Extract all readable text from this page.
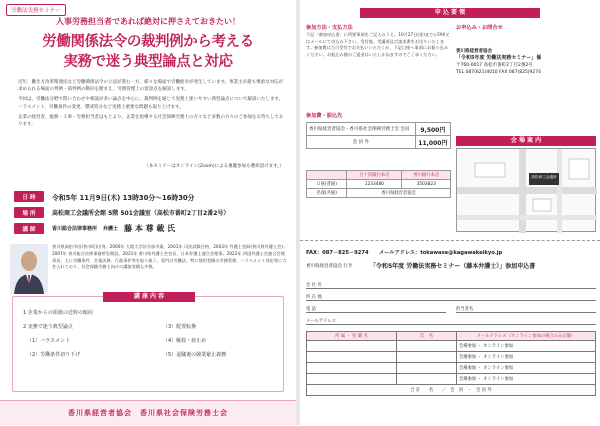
労働法実務セミナー
人事労務担当者であれば絶対に押さえておきたい！
労働関係法令の裁判例から考える
実務で迷う典型論点と対応

近年、働き方改革関連法など労働関係法令の立法が進む一方、様々な場面で労働紛争が発生しています。事業主が最も慎重な対応が求められる場面の判例・裁判例の動向を踏まえ、労務管理上の留意点を解説します。

今回は、労働法分野で問い合わせや相談が多い論点を中心に、裁判例を通じて実務上迷いやすい典型論点について解説いたします。ハラスメント、労働条件の変更、懲戒処分など実務上重要な問題も取り上げます。

企業の経営者、総務・人事・労務担当者はもとより、企業を指導する社会保険労務士の方々など多数の方々のご参加をお待ちしております。

（本セミナーはオンライン(Zoom)による視聴参加も選択頂けます。）
日 時	令和5年 11月9日(木) 13時30分～16時30分
場 所	高松商工会議所会館 5階 501会議室（高松市番町2丁目2番2号）
講 師	香川総合法律事務所 弁護士 藤 本 尊 載 氏
香川県高松市(旧香川町)出身。2000年 大阪大学法学部卒業、2001年 司法試験合格、2003年 弁護士登録(香川県弁護士会)。2007年 香川総合法律事務所を開設。2021年 香川県弁護士会会長、日本弁護士連合会理事。2022年 四国弁護士会連合会理事長。主に労働事件、企業法務、行政事件等を取り扱う。専門は労働法、特に使用者側の労務管理、ハラスメント対応等に力を入れており、社会保険労務士向けの講演実績も多数。
講 座 内 容
1 企業からの相談の近時の傾向
2 実務で迷う典型論点
（1）ハラスメント
（2）労働条件切り下げ
（3）配置転換
（4）解雇・雇止め
（5）退職後の競業避止義務
香川県経営者協会　香川県社会保険労務士会
申 込 要 領
参加方法・支払方法
下記「参加申込書」に所要事項をご記入のうえ、10月27日(金)までにFAX又はメールにて申込み下さい。受付後、受講票及び請求書をお送りいたします。参加費は当日受付でお支払いいただくか、下記口座へ事前にお振り込みください。お振込み後のご返金はいたしかねますのでご了承ください。
お申込み・お問合せ
香川県経営者協会
「令和5年度 労働法実務セミナー」係
〒760-0017 高松市番町2丁目2番2号
TEL 087(821)4010 FAX 087(825)9274
参加費・振込先
香川県経営者協会・香川県社会保険労務士会 会員	9,500円
会 員 外	11,000円
	百十四銀行本店	香川銀行本店
口座(普通)	1233480	3503823
名義(共通)	香川県経営者協会	
会 場 案 内
高松商工会議所
FAX：087－825－9274　　メールアドレス：tokawase@kagawakeikyo.jp
香川県経営者協会 行き	「令和5年度 労働法実務セミナー（藤本弁護士）」参加申込書
会 社 名
所 在 地
電 話	担当者名
メールアドレス
所 属 ・ 役 職 名	氏　名	メールアドレス（オンライン参加の場合のみ記載）
		会場参加 ・ オンライン参加
		会場参加 ・ オンライン参加
		会場参加 ・ オンライン参加
		会場参加 ・ オンライン参加
合 計　　名　　／　会　員　・　会 員 外		
